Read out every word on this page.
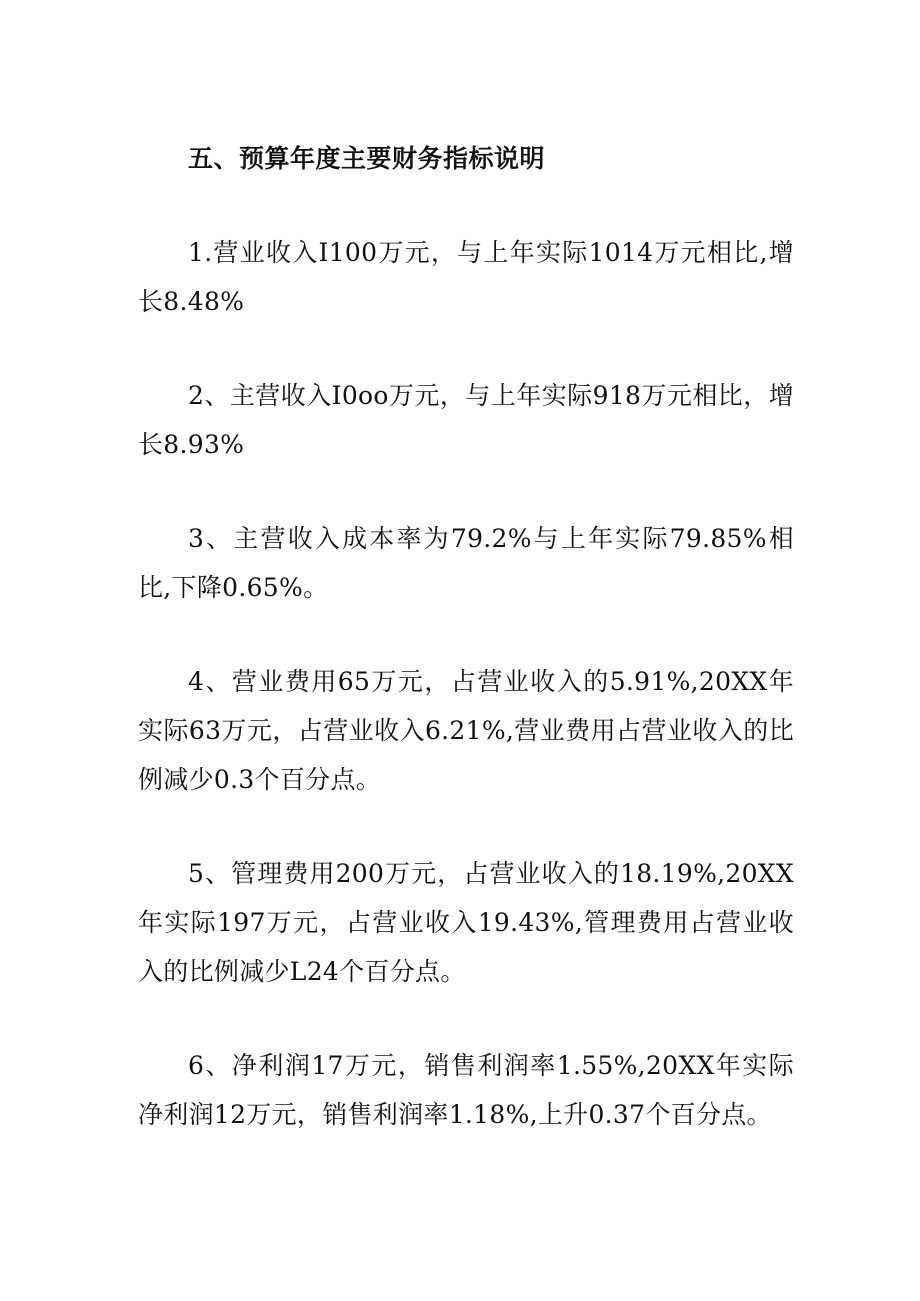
五、预算年度主要财务指标说明

1.营业收入I100万元，与上年实际1014万元相比,增长8.48%

2、主营收入I0oo万元，与上年实际918万元相比，增长8.93%

3、主营收入成本率为79.2%与上年实际79.85%相比,下降0.65%。

4、营业费用65万元，占营业收入的5.91%,20XX年实际63万元，占营业收入6.21%,营业费用占营业收入的比例减少0.3个百分点。

5、管理费用200万元，占营业收入的18.19%,20XX年实际197万元，占营业收入19.43%,管理费用占营业收入的比例减少L24个百分点。

6、净利润17万元，销售利润率1.55%,20XX年实际净利润12万元，销售利润率1.18%,上升0.37个百分点。
